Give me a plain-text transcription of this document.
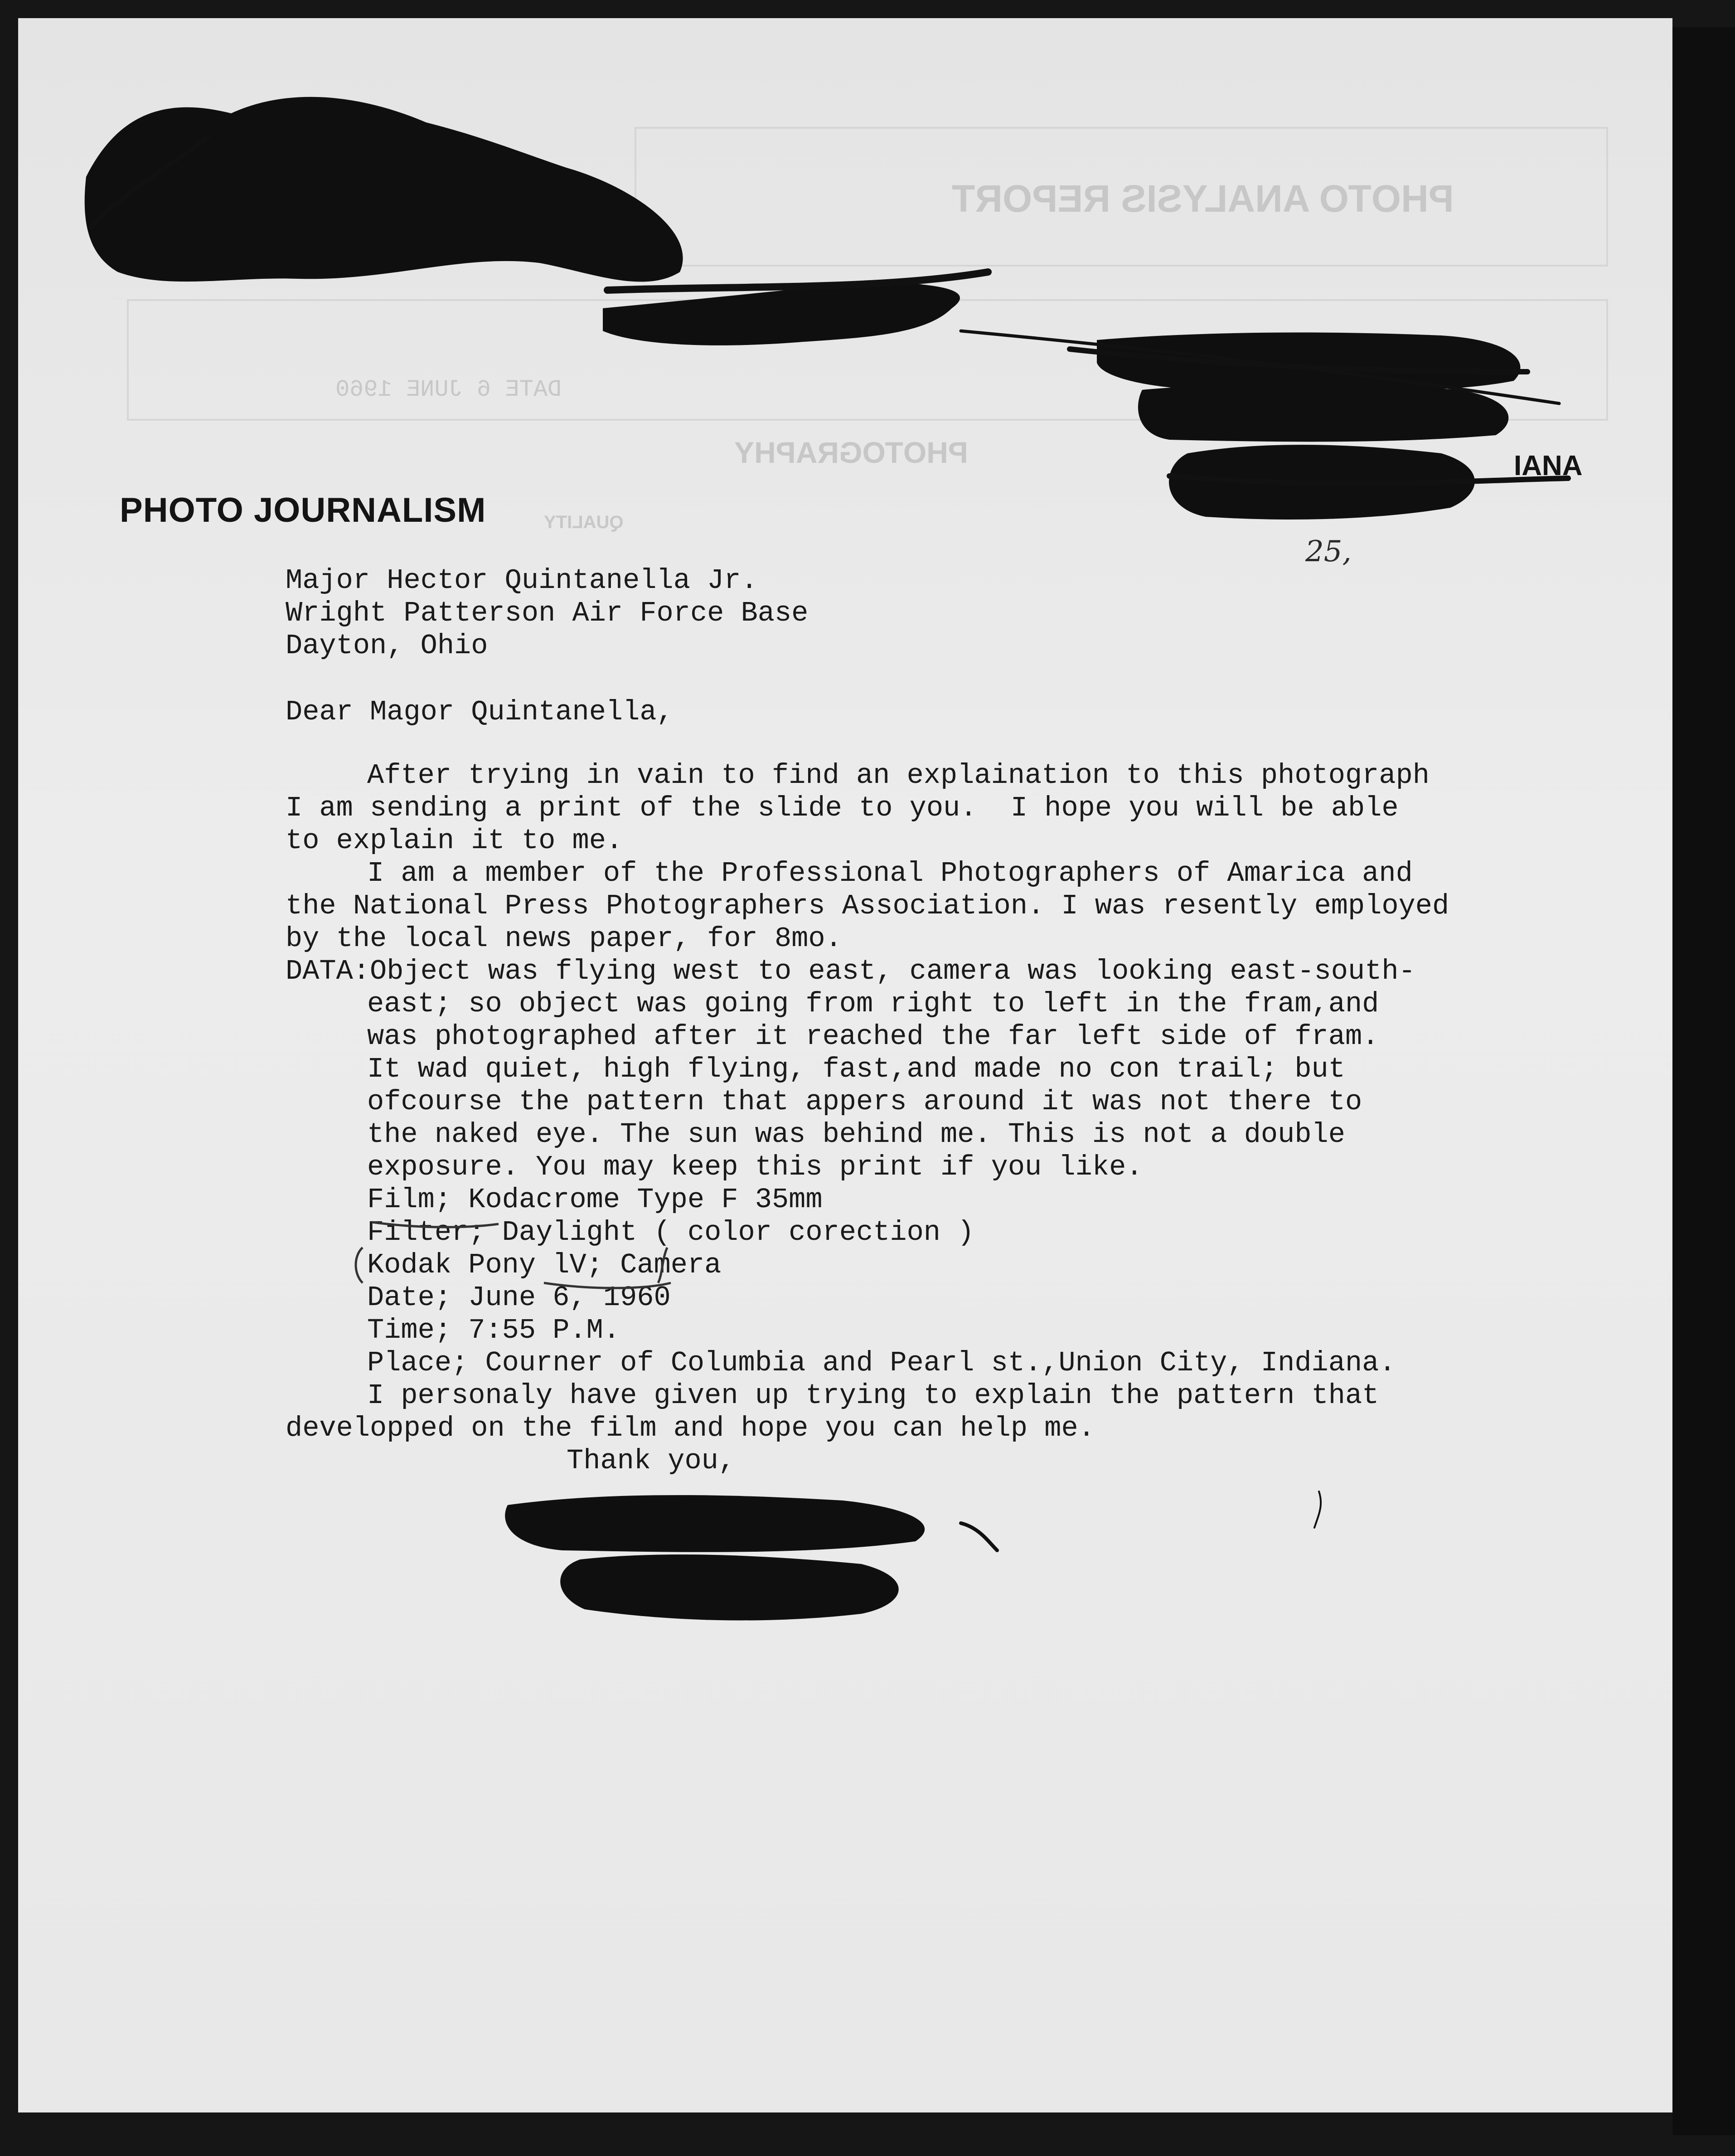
PHOTO ANALYSIS REPORT
DATE 6 JUNE 1960
PHOTOGRAPHY
QUALITY
PHOTO JOURNALISM
IANA
25,
Major Hector Quintanella Jr.
Wright Patterson Air Force Base
Dayton, Ohio
Dear Magor Quintanella,
After trying in vain to find an explaination to this photograph
I am sending a print of the slide to you.  I hope you will be able
to explain it to me.
I am a member of the Professional Photographers of Amarica and
the National Press Photographers Association. I was resently employed
by the local news paper, for 8mo.
DATA:Object was flying west to east, camera was looking east-south-
east; so object was going from right to left in the fram,and
was photographed after it reached the far left side of fram.
It wad quiet, high flying, fast,and made no con trail; but
ofcourse the pattern that appers around it was not there to
the naked eye. The sun was behind me. This is not a double
exposure. You may keep this print if you like.
Film; Kodacrome Type F 35mm
Filter; Daylight ( color corection )
Kodak Pony lV; Camera
Date; June 6, 1960
Time; 7:55 P.M.
Place; Courner of Columbia and Pearl st.,Union City, Indiana.
I personaly have given up trying to explain the pattern that
developped on the film and hope you can help me.
Thank you,
